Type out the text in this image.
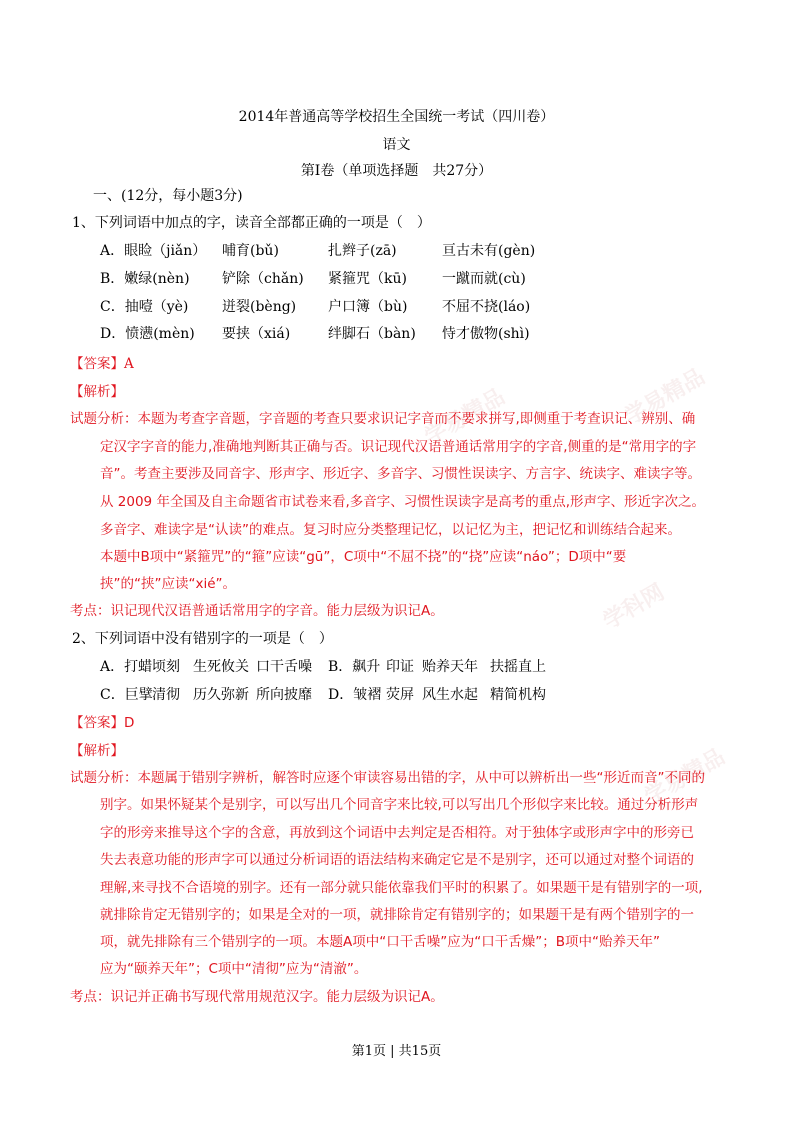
学易精品
学易精品
学易精品
学科网
2014年普通高等学校招生全国统一考试（四川卷）
语文
第Ⅰ卷（单项选择题　共27分）
一、(12分，每小题3分)
1、下列词语中加点的字，读音全部都正确的一项是（　）
A．眼睑（jiǎn） 哺育(bǔ)	扎辫子(zā)	亘古未有(gèn)
B．嫩绿(nèn) 铲除（chǎn) 紧箍咒（kū)	一蹴而就(cù)
C．抽噎（yè) 迸裂(bèng) 户口簿（bù) 不屈不挠(láo)
D．愤懑(mèn) 要挟（xiá)	绊脚石（bàn) 恃才傲物(shì)
【答案】A
【解析】
试题分析：本题为考查字音题，字音题的考查只要求识记字音而不要求拼写,即侧重于考查识记、辨别、确
定汉字字音的能力,准确地判断其正确与否。识记现代汉语普通话常用字的字音,侧重的是“常用字的字
音”。考查主要涉及同音字、形声字、形近字、多音字、习惯性误读字、方言字、统读字、难读字等。
从 2009 年全国及自主命题省市试卷来看,多音字、习惯性误读字是高考的重点,形声字、形近字次之。
多音字、难读字是“认读”的难点。复习时应分类整理记忆，以记忆为主，把记忆和训练结合起来。
本题中B项中“紧箍咒”的“箍”应读“gū”，C项中“不屈不挠”的“挠”应读“náo”；D项中“要
挟”的“挟”应读“xié”。
考点：识记现代汉语普通话常用字的字音。能力层级为识记A。
2、下列词语中没有错别字的一项是（　）
A．打蜡 顷刻 生死攸关 口干舌噪 B．飙升 印证 贻养天年 扶摇直上
C．巨擘 清彻 历久弥新 所向披靡 D．皱褶 荧屏 风生水起 精简机构
【答案】D
【解析】
试题分析：本题属于错别字辨析，解答时应逐个审读容易出错的字，从中可以辨析出一些“形近而音”不同的
别字。如果怀疑某个是别字，可以写出几个同音字来比较,可以写出几个形似字来比较。通过分析形声
字的形旁来推导这个字的含意，再放到这个词语中去判定是否相符。对于独体字或形声字中的形旁已
失去表意功能的形声字可以通过分析词语的语法结构来确定它是不是别字，还可以通过对整个词语的
理解,来寻找不合语境的别字。还有一部分就只能依靠我们平时的积累了。如果题干是有错别字的一项,
就排除肯定无错别字的；如果是全对的一项，就排除肯定有错别字的；如果题干是有两个错别字的一
项，就先排除有三个错别字的一项。本题A项中“口干舌噪”应为“口干舌燥”；B项中“贻养天年”
应为“颐养天年”；C项中“清彻”应为“清澈”。
考点：识记并正确书写现代常用规范汉字。能力层级为识记A。
第1页 | 共15页
